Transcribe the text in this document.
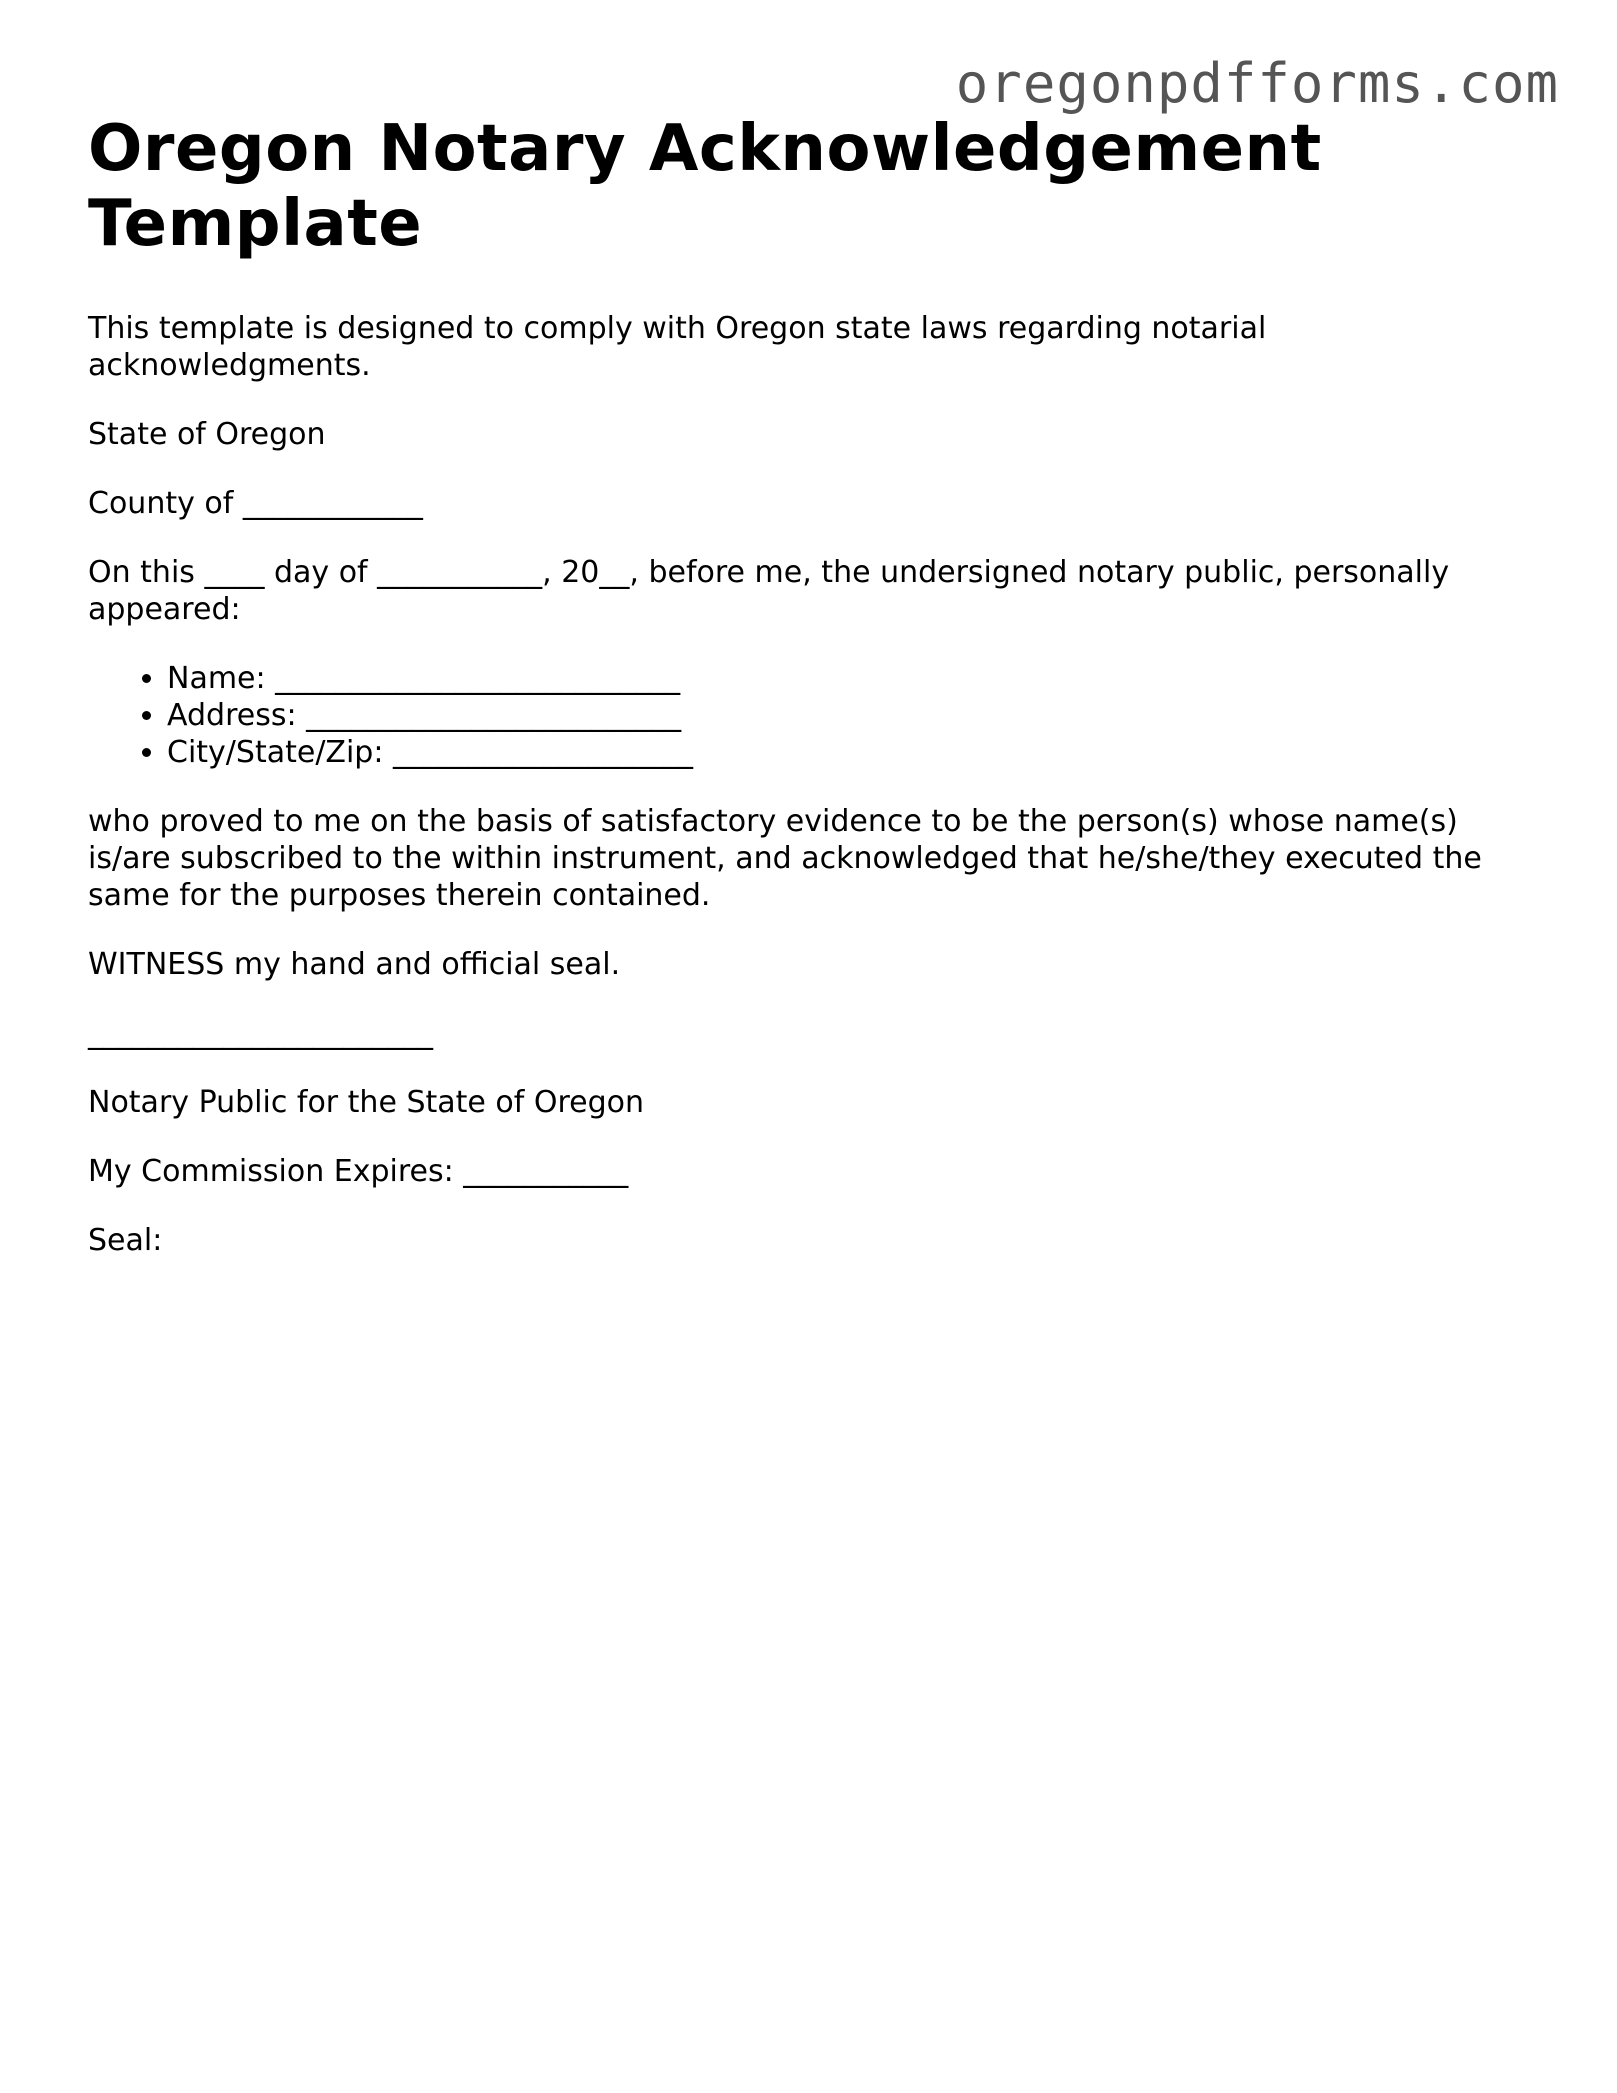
oregonpdfforms.com
Oregon Notary Acknowledgement Template

This template is designed to comply with Oregon state laws regarding notarial acknowledgments.

State of Oregon

County of ____________

On this ____ day of ___________, 20__, before me, the undersigned notary public, personally appeared:

• Name: ___________________________
• Address: _________________________
• City/State/Zip: ____________________

who proved to me on the basis of satisfactory evidence to be the person(s) whose name(s) is/are subscribed to the within instrument, and acknowledged that he/she/they executed the same for the purposes therein contained.

WITNESS my hand and official seal.

_______________________

Notary Public for the State of Oregon

My Commission Expires: ___________

Seal:
